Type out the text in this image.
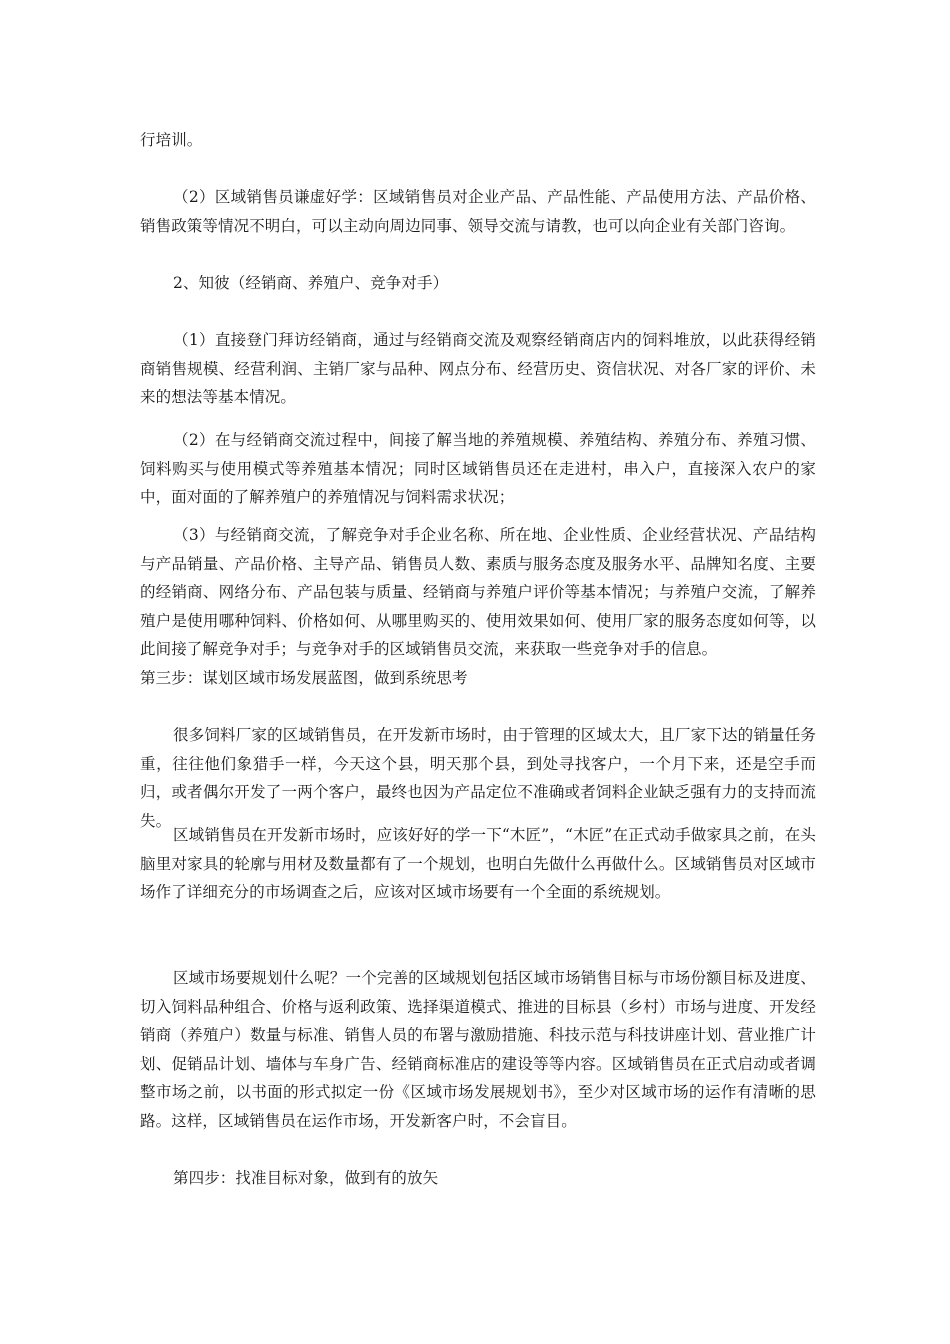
行培训。

（2）区域销售员谦虚好学：区域销售员对企业产品、产品性能、产品使用方法、产品价格、销售政策等情况不明白，可以主动向周边同事、领导交流与请教，也可以向企业有关部门咨询。

2、知彼（经销商、养殖户、竞争对手）

（1）直接登门拜访经销商，通过与经销商交流及观察经销商店内的饲料堆放，以此获得经销商销售规模、经营利润、主销厂家与品种、网点分布、经营历史、资信状况、对各厂家的评价、未来的想法等基本情况。

（2）在与经销商交流过程中，间接了解当地的养殖规模、养殖结构、养殖分布、养殖习惯、饲料购买与使用模式等养殖基本情况；同时区域销售员还在走进村，串入户，直接深入农户的家中，面对面的了解养殖户的养殖情况与饲料需求状况；

（3）与经销商交流，了解竞争对手企业名称、所在地、企业性质、企业经营状况、产品结构与产品销量、产品价格、主导产品、销售员人数、素质与服务态度及服务水平、品牌知名度、主要的经销商、网络分布、产品包装与质量、经销商与养殖户评价等基本情况；与养殖户交流，了解养殖户是使用哪种饲料、价格如何、从哪里购买的、使用效果如何、使用厂家的服务态度如何等，以此间接了解竞争对手；与竞争对手的区域销售员交流，来获取一些竞争对手的信息。

第三步：谋划区域市场发展蓝图，做到系统思考

很多饲料厂家的区域销售员，在开发新市场时，由于管理的区域太大，且厂家下达的销量任务重，往往他们象猎手一样，今天这个县，明天那个县，到处寻找客户，一个月下来，还是空手而归，或者偶尔开发了一两个客户，最终也因为产品定位不准确或者饲料企业缺乏强有力的支持而流失。

区域销售员在开发新市场时，应该好好的学一下“木匠”，“木匠”在正式动手做家具之前，在头脑里对家具的轮廓与用材及数量都有了一个规划，也明白先做什么再做什么。区域销售员对区域市场作了详细充分的市场调查之后，应该对区域市场要有一个全面的系统规划。

区域市场要规划什么呢？一个完善的区域规划包括区域市场销售目标与市场份额目标及进度、切入饲料品种组合、价格与返利政策、选择渠道模式、推进的目标县（乡村）市场与进度、开发经销商（养殖户）数量与标准、销售人员的布署与激励措施、科技示范与科技讲座计划、营业推广计划、促销品计划、墙体与车身广告、经销商标准店的建设等等内容。区域销售员在正式启动或者调整市场之前，以书面的形式拟定一份《区域市场发展规划书》，至少对区域市场的运作有清晰的思路。这样，区域销售员在运作市场，开发新客户时，不会盲目。

第四步：找准目标对象，做到有的放矢
